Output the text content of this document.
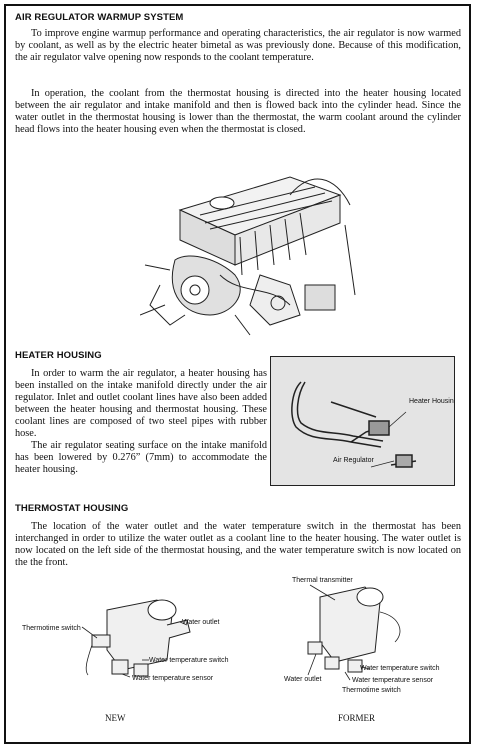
AIR REGULATOR WARMUP SYSTEM

To improve engine warmup performance and operating characteristics, the air regulator is now warmed by coolant, as well as by the electric heater bimetal as was previously done. Because of this modification, the air regulator valve opening now responds to the coolant temperature.

In operation, the coolant from the thermostat housing is directed into the heater housing located between the air regulator and intake manifold and then is flowed back into the cylinder head. Since the water outlet in the thermostat housing is lower than the thermostat, the warm coolant around the cylinder head flows into the heater housing even when the thermostat is closed.

HEATER HOUSING

In order to warm the air regulator, a heater housing has been installed on the intake manifold directly under the air regulator. Inlet and outlet coolant lines have also been added between the heater housing and thermostat housing. These coolant lines are composed of two steel pipes with rubber hose.

The air regulator seating surface on the intake manifold has been lowered by 0.276” (7mm) to accommodate the heater housing.

Heater Housing
Air Regulator
THERMOSTAT HOUSING

The location of the water outlet and the water temperature switch in the thermostat has been interchanged in order to utilize the water outlet as a coolant line to the heater housing. The water outlet is now located on the left side of the thermostat housing, and the water temperature switch is now located on the the front.

Thermotime switch
Water outlet
Water temperature switch
Water temperature sensor
NEW
Thermal transmitter
Water temperature switch
Water outlet	Water temperature sensor
Thermotime switch
FORMER
